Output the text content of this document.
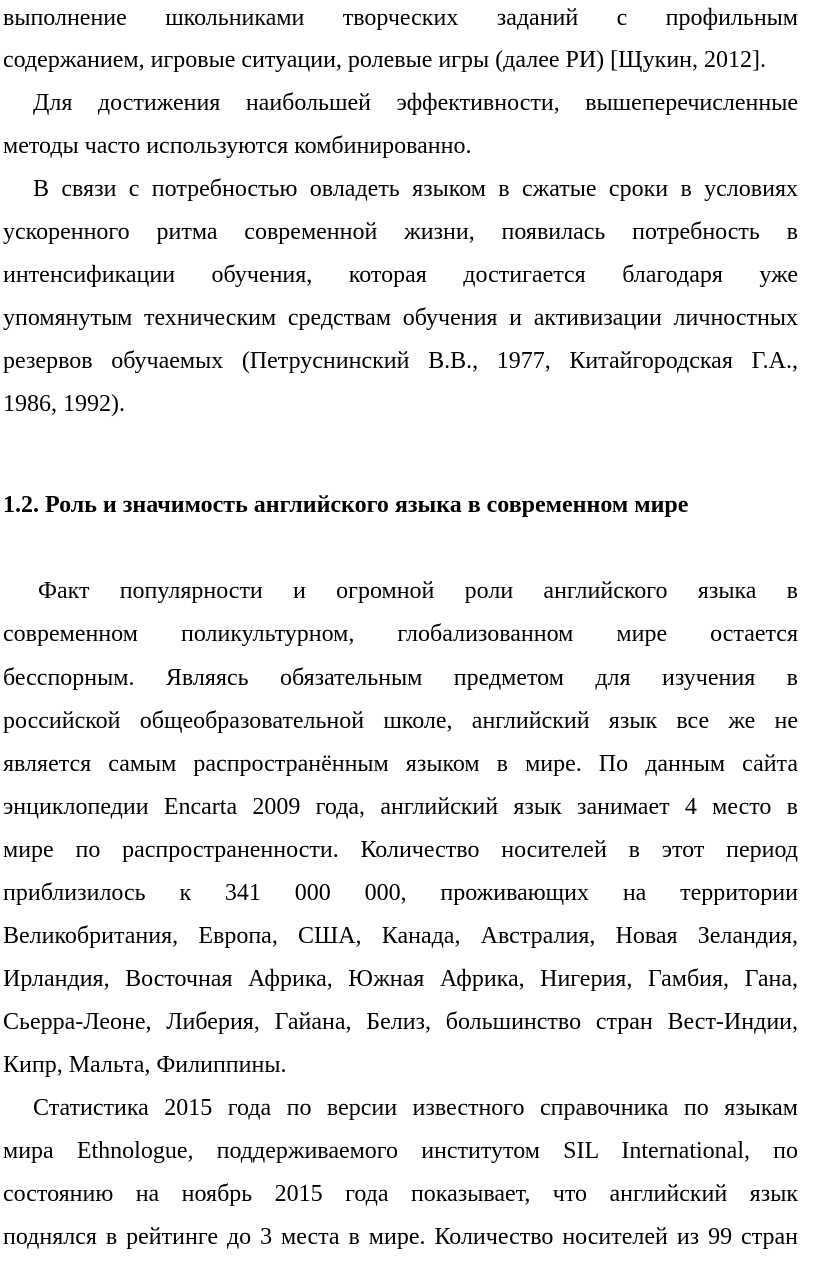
выполнение школьниками творческих заданий с профильным
содержанием, игровые ситуации, ролевые игры (далее РИ) [Щукин, 2012].
Для достижения наибольшей эффективности, вышеперечисленные
методы часто используются комбинированно.
В связи с потребностью овладеть языком в сжатые сроки в условиях
ускоренного ритма современной жизни, появилась потребность в
интенсификации обучения, которая достигается благодаря уже
упомянутым техническим средствам обучения и активизации личностных
резервов обучаемых (Петруснинский В.В., 1977, Китайгородская Г.А.,
1986, 1992).
1.2. Роль и значимость английского языка в современном мире
Факт популярности и огромной роли английского языка в
современном поликультурном, глобализованном мире остается
бесспорным. Являясь обязательным предметом для изучения в
российской общеобразовательной школе, английский язык все же не
является самым распространённым языком в мире. По данным сайта
энциклопедии Encarta 2009 года, английский язык занимает 4 место в
мире по распространенности. Количество носителей в этот период
приблизилось к 341 000 000, проживающих на территории
Великобритания, Европа, США, Канада, Австралия, Новая Зеландия,
Ирландия, Восточная Африка, Южная Африка, Нигерия, Гамбия, Гана,
Сьерра-Леоне, Либерия, Гайана, Белиз, большинство стран Вест-Индии,
Кипр, Мальта, Филиппины.
Статистика 2015 года по версии известного справочника по языкам
мира Ethnologue, поддерживаемого институтом SIL International, по
состоянию на ноябрь 2015 года показывает, что английский язык
поднялся в рейтинге до 3 места в мире. Количество носителей из 99 стран
